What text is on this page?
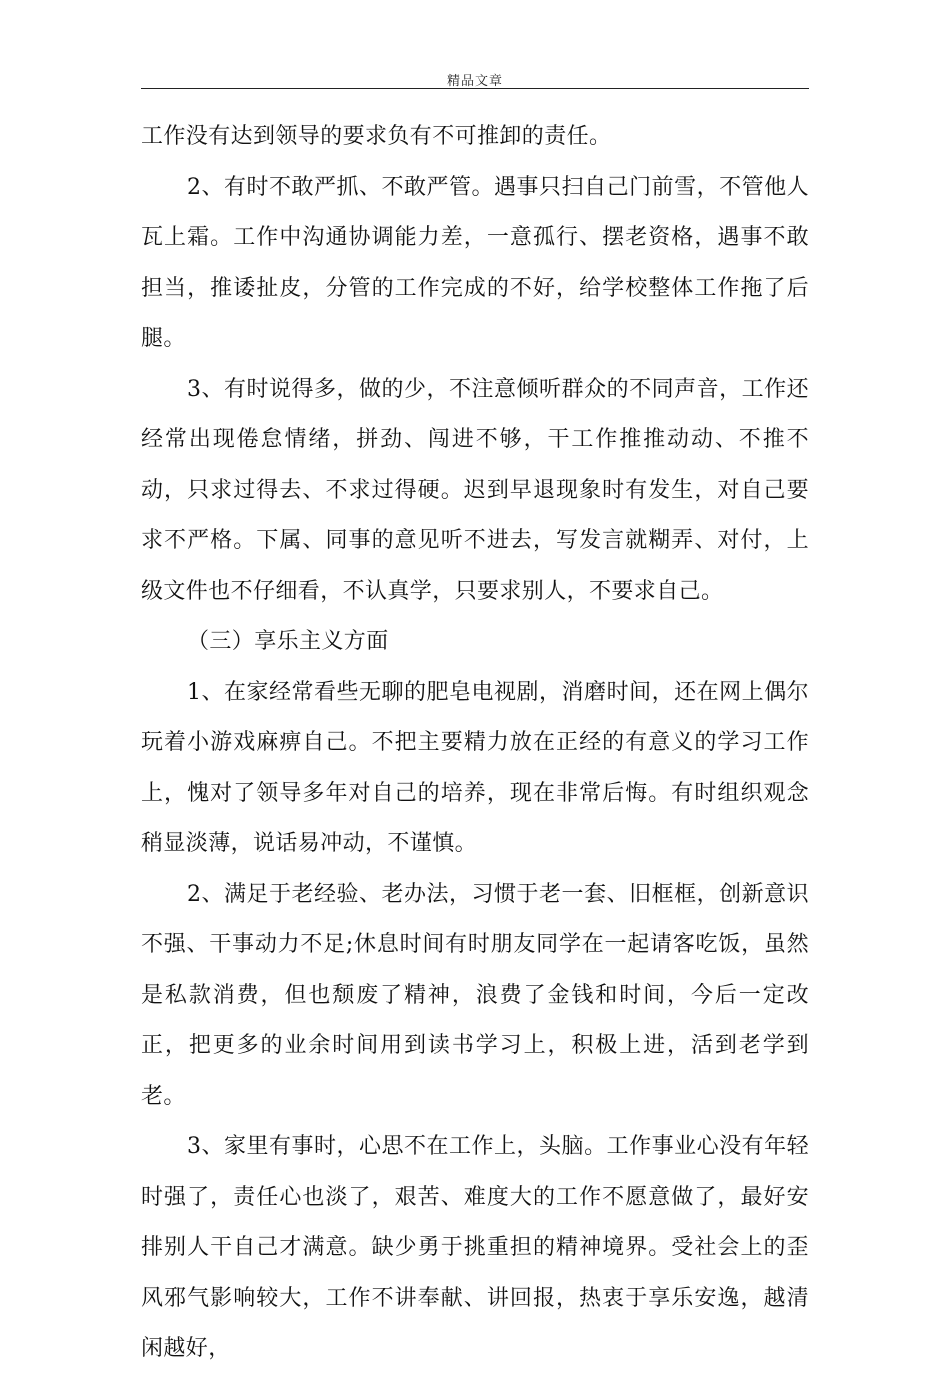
精品文章

工作没有达到领导的要求负有不可推卸的责任。

2、有时不敢严抓、不敢严管。遇事只扫自己门前雪，不管他人瓦上霜。工作中沟通协调能力差，一意孤行、摆老资格，遇事不敢担当，推诿扯皮，分管的工作完成的不好，给学校整体工作拖了后腿。

3、有时说得多，做的少，不注意倾听群众的不同声音，工作还经常出现倦怠情绪，拼劲、闯进不够，干工作推推动动、不推不动，只求过得去、不求过得硬。迟到早退现象时有发生，对自己要求不严格。下属、同事的意见听不进去，写发言就糊弄、对付，上级文件也不仔细看，不认真学，只要求别人，不要求自己。

（三）享乐主义方面

1、在家经常看些无聊的肥皂电视剧，消磨时间，还在网上偶尔玩着小游戏麻痹自己。不把主要精力放在正经的有意义的学习工作上，愧对了领导多年对自己的培养，现在非常后悔。有时组织观念稍显淡薄，说话易冲动，不谨慎。

2、满足于老经验、老办法，习惯于老一套、旧框框，创新意识不强、干事动力不足;休息时间有时朋友同学在一起请客吃饭，虽然是私款消费，但也颓废了精神，浪费了金钱和时间，今后一定改正，把更多的业余时间用到读书学习上，积极上进，活到老学到老。

3、家里有事时，心思不在工作上，头脑。工作事业心没有年轻时强了，责任心也淡了，艰苦、难度大的工作不愿意做了，最好安排别人干自己才满意。缺少勇于挑重担的精神境界。受社会上的歪风邪气影响较大，工作不讲奉献、讲回报，热衷于享乐安逸，越清闲越好，
